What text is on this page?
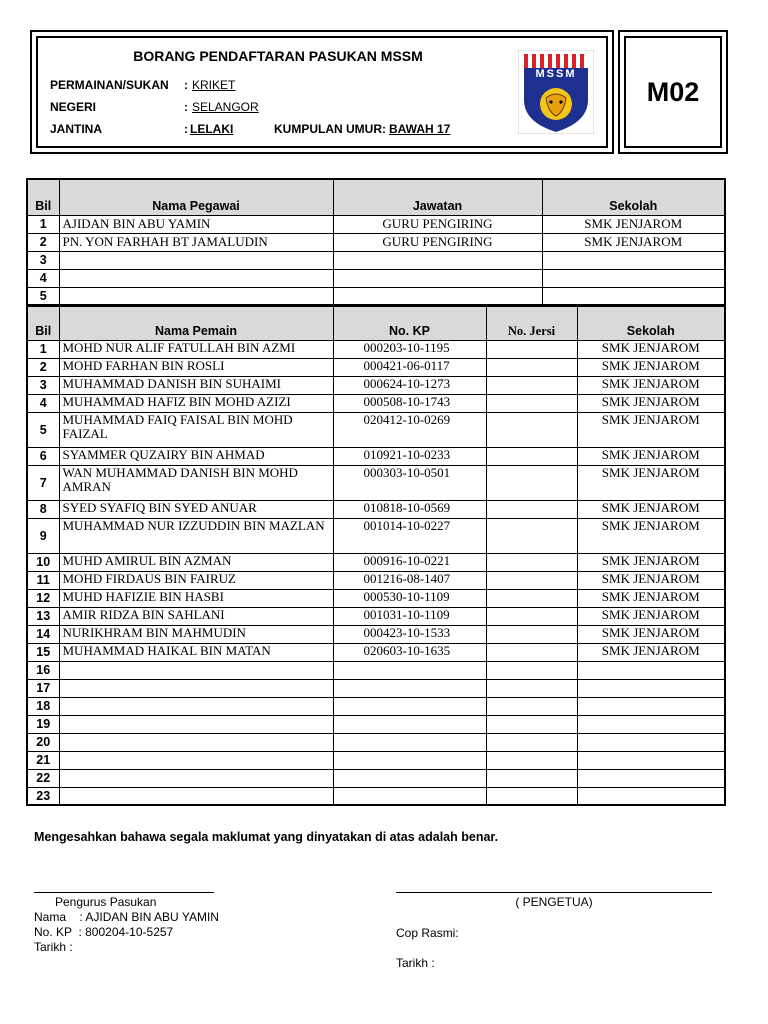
BORANG PENDAFTARAN PASUKAN MSSM
PERMAINAN/SUKAN : KRIKET
NEGERI	: SELANGOR
JANTINA	: LELAKI	KUMPULAN UMUR: BAWAH 17
MSSM
M02
Bil	Nama Pegawai	Jawatan	Sekolah
1	AJIDAN BIN ABU YAMIN	GURU PENGIRING	SMK JENJAROM
2	PN. YON FARHAH BT JAMALUDIN	GURU PENGIRING	SMK JENJAROM
3			
4			
5			
Bil	Nama Pemain	No. KP	No. Jersi	Sekolah
1	MOHD NUR ALIF FATULLAH BIN AZMI	000203-10-1195		SMK JENJAROM
2	MOHD FARHAN BIN ROSLI	000421-06-0117		SMK JENJAROM
3	MUHAMMAD DANISH BIN SUHAIMI	000624-10-1273		SMK JENJAROM
4	MUHAMMAD HAFIZ BIN MOHD AZIZI	000508-10-1743		SMK JENJAROM
5	MUHAMMAD FAIQ FAISAL BIN MOHD FAIZAL	020412-10-0269		SMK JENJAROM
6	SYAMMER QUZAIRY BIN AHMAD	010921-10-0233		SMK JENJAROM
7	WAN MUHAMMAD DANISH BIN MOHD AMRAN	000303-10-0501		SMK JENJAROM
8	SYED SYAFIQ BIN SYED ANUAR	010818-10-0569		SMK JENJAROM
9	MUHAMMAD NUR IZZUDDIN BIN MAZLAN	001014-10-0227		SMK JENJAROM
10	MUHD AMIRUL BIN AZMAN	000916-10-0221		SMK JENJAROM
11	MOHD FIRDAUS BIN FAIRUZ	001216-08-1407		SMK JENJAROM
12	MUHD HAFIZIE BIN HASBI	000530-10-1109		SMK JENJAROM
13	AMIR RIDZA BIN SAHLANI	001031-10-1109		SMK JENJAROM
14	NURIKHRAM BIN MAHMUDIN	000423-10-1533		SMK JENJAROM
15	MUHAMMAD HAIKAL BIN MATAN	020603-10-1635		SMK JENJAROM
16				
17				
18				
19				
20				
21				
22				
23				
Mengesahkan bahawa segala maklumat yang dinyatakan di atas adalah benar.
Pengurus Pasukan
Nama    : AJIDAN BIN ABU YAMIN
No. KP  : 800204-10-5257
Tarikh :
( PENGETUA)
Cop Rasmi:
Tarikh :
